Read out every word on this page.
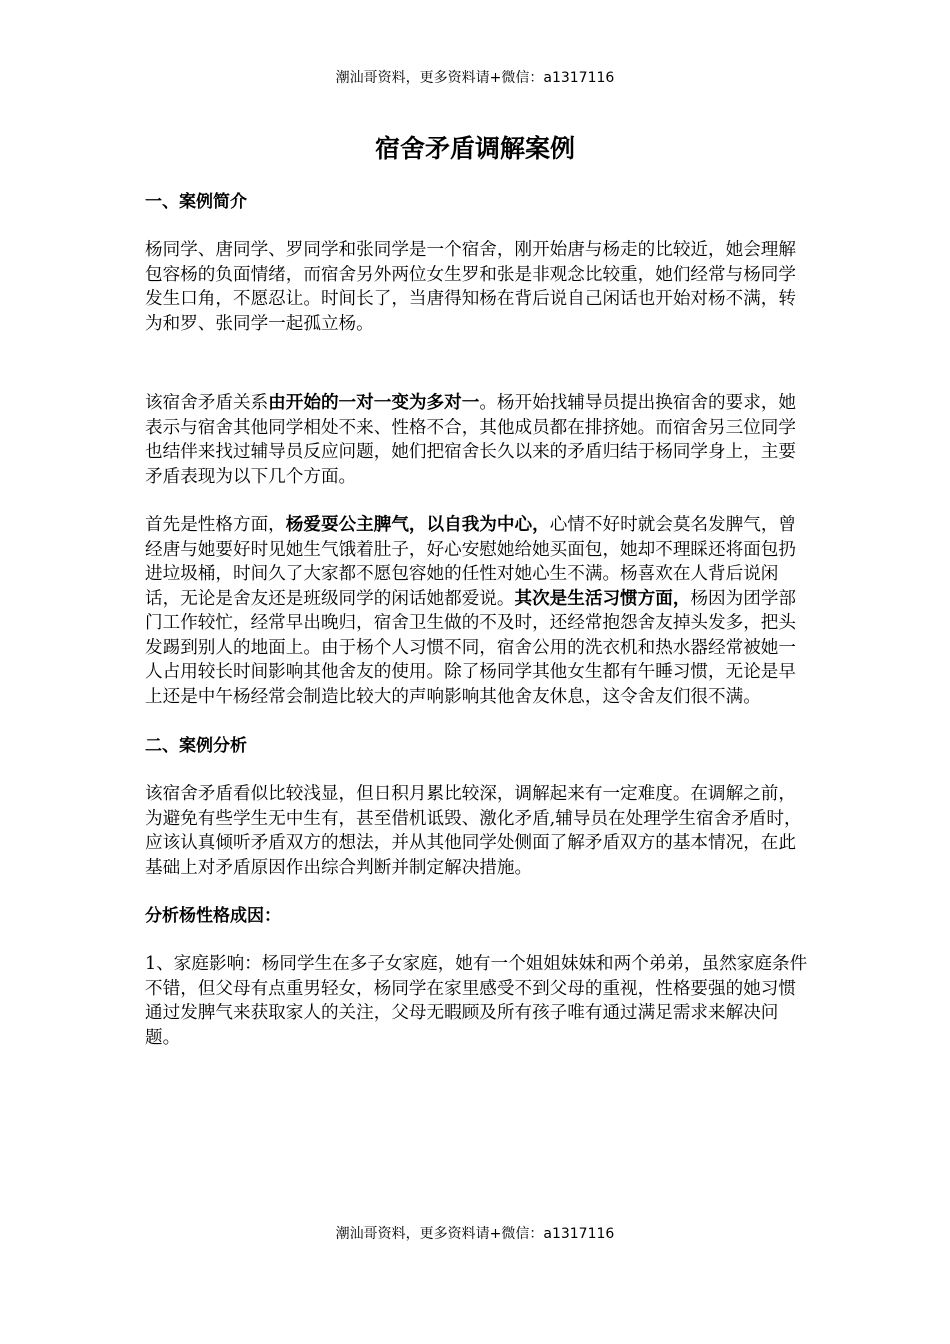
潮汕哥资料，更多资料请+微信：a1317116
宿舍矛盾调解案例

一、案例简介

杨同学、唐同学、罗同学和张同学是一个宿舍，刚开始唐与杨走的比较近，她会理解包容杨的负面情绪，而宿舍另外两位女生罗和张是非观念比较重，她们经常与杨同学发生口角，不愿忍让。时间长了，当唐得知杨在背后说自己闲话也开始对杨不满，转为和罗、张同学一起孤立杨。

该宿舍矛盾关系由开始的一对一变为多对一。杨开始找辅导员提出换宿舍的要求，她表示与宿舍其他同学相处不来、性格不合，其他成员都在排挤她。而宿舍另三位同学也结伴来找过辅导员反应问题，她们把宿舍长久以来的矛盾归结于杨同学身上，主要矛盾表现为以下几个方面。

首先是性格方面，杨爱耍公主脾气，以自我为中心，心情不好时就会莫名发脾气，曾经唐与她要好时见她生气饿着肚子，好心安慰她给她买面包，她却不理睬还将面包扔进垃圾桶，时间久了大家都不愿包容她的任性对她心生不满。杨喜欢在人背后说闲话，无论是舍友还是班级同学的闲话她都爱说。其次是生活习惯方面，杨因为团学部门工作较忙，经常早出晚归，宿舍卫生做的不及时，还经常抱怨舍友掉头发多，把头发踢到别人的地面上。由于杨个人习惯不同，宿舍公用的洗衣机和热水器经常被她一人占用较长时间影响其他舍友的使用。除了杨同学其他女生都有午睡习惯，无论是早上还是中午杨经常会制造比较大的声响影响其他舍友休息，这令舍友们很不满。

二、案例分析

该宿舍矛盾看似比较浅显，但日积月累比较深，调解起来有一定难度。在调解之前，为避免有些学生无中生有，甚至借机诋毁、激化矛盾,辅导员在处理学生宿舍矛盾时，应该认真倾听矛盾双方的想法，并从其他同学处侧面了解矛盾双方的基本情况，在此基础上对矛盾原因作出综合判断并制定解决措施。

分析杨性格成因：

1、家庭影响：杨同学生在多子女家庭，她有一个姐姐妹妹和两个弟弟，虽然家庭条件不错，但父母有点重男轻女，杨同学在家里感受不到父母的重视，性格要强的她习惯通过发脾气来获取家人的关注，父母无暇顾及所有孩子唯有通过满足需求来解决问题。

潮汕哥资料，更多资料请+微信：a1317116
